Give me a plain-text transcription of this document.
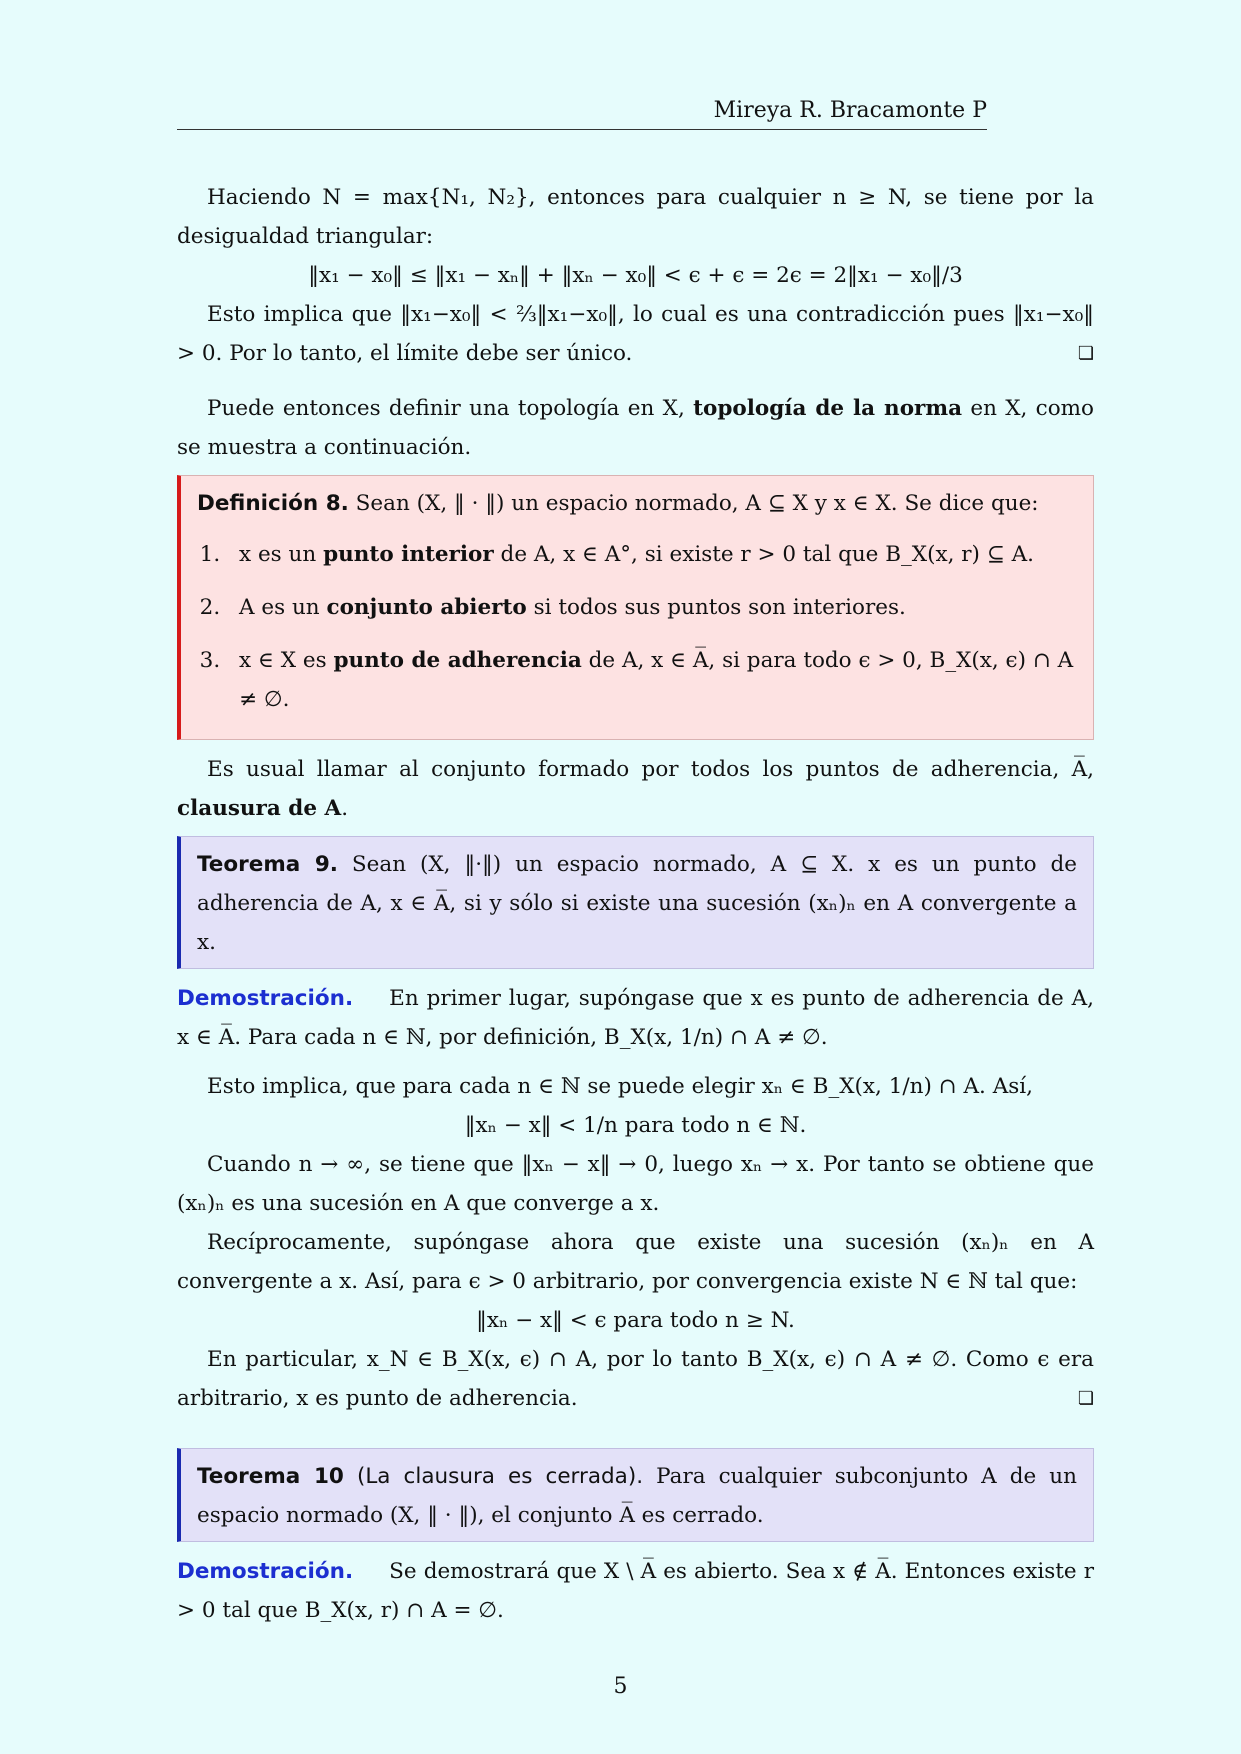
Mireya R. Bracamonte P

Haciendo N = max{N₁, N₂}, entonces para cualquier n ≥ N, se tiene por la desigualdad triangular:

‖x₁ − x₀‖ ≤ ‖x₁ − xₙ‖ + ‖xₙ − x₀‖ < ϵ + ϵ = 2ϵ = 2‖x₁ − x₀‖/3

Esto implica que ‖x₁−x₀‖ < ⅔‖x₁−x₀‖, lo cual es una contradicción pues ‖x₁−x₀‖ > 0. Por lo tanto, el límite debe ser único.	❏

Puede entonces definir una topología en X, topología de la norma en X, como se muestra a continuación.

Definición 8. Sean (X, ‖ · ‖) un espacio normado, A ⊆ X y x ∈ X. Se dice que:

1. x es un punto interior de A, x ∈ A°, si existe r > 0 tal que B_X(x, r) ⊆ A.
2. A es un conjunto abierto si todos sus puntos son interiores.
3. x ∈ X es punto de adherencia de A, x ∈ A̅, si para todo ϵ > 0, B_X(x, ϵ) ∩ A ≠ ∅.

Es usual llamar al conjunto formado por todos los puntos de adherencia, A̅, clausura de A.

Teorema 9. Sean (X, ‖·‖) un espacio normado, A ⊆ X. x es un punto de adherencia de A, x ∈ A̅, si y sólo si existe una sucesión (xₙ)ₙ en A convergente a x.

Demostración. En primer lugar, supóngase que x es punto de adherencia de A, x ∈ A̅. Para cada n ∈ ℕ, por definición, B_X(x, 1/n) ∩ A ≠ ∅.

Esto implica, que para cada n ∈ ℕ se puede elegir xₙ ∈ B_X(x, 1/n) ∩ A. Así,

‖xₙ − x‖ < 1/n para todo n ∈ ℕ.

Cuando n → ∞, se tiene que ‖xₙ − x‖ → 0, luego xₙ → x. Por tanto se obtiene que (xₙ)ₙ es una sucesión en A que converge a x.

Recíprocamente, supóngase ahora que existe una sucesión (xₙ)ₙ en A convergente a x. Así, para ϵ > 0 arbitrario, por convergencia existe N ∈ ℕ tal que:

‖xₙ − x‖ < ϵ para todo n ≥ N.

En particular, x_N ∈ B_X(x, ϵ) ∩ A, por lo tanto B_X(x, ϵ) ∩ A ≠ ∅. Como ϵ era arbitrario, x es punto de adherencia.	❏

Teorema 10 (La clausura es cerrada). Para cualquier subconjunto A de un espacio normado (X, ‖ · ‖), el conjunto A̅ es cerrado.

Demostración. Se demostrará que X \ A̅ es abierto. Sea x ∉ A̅. Entonces existe r > 0 tal que B_X(x, r) ∩ A = ∅.

5
